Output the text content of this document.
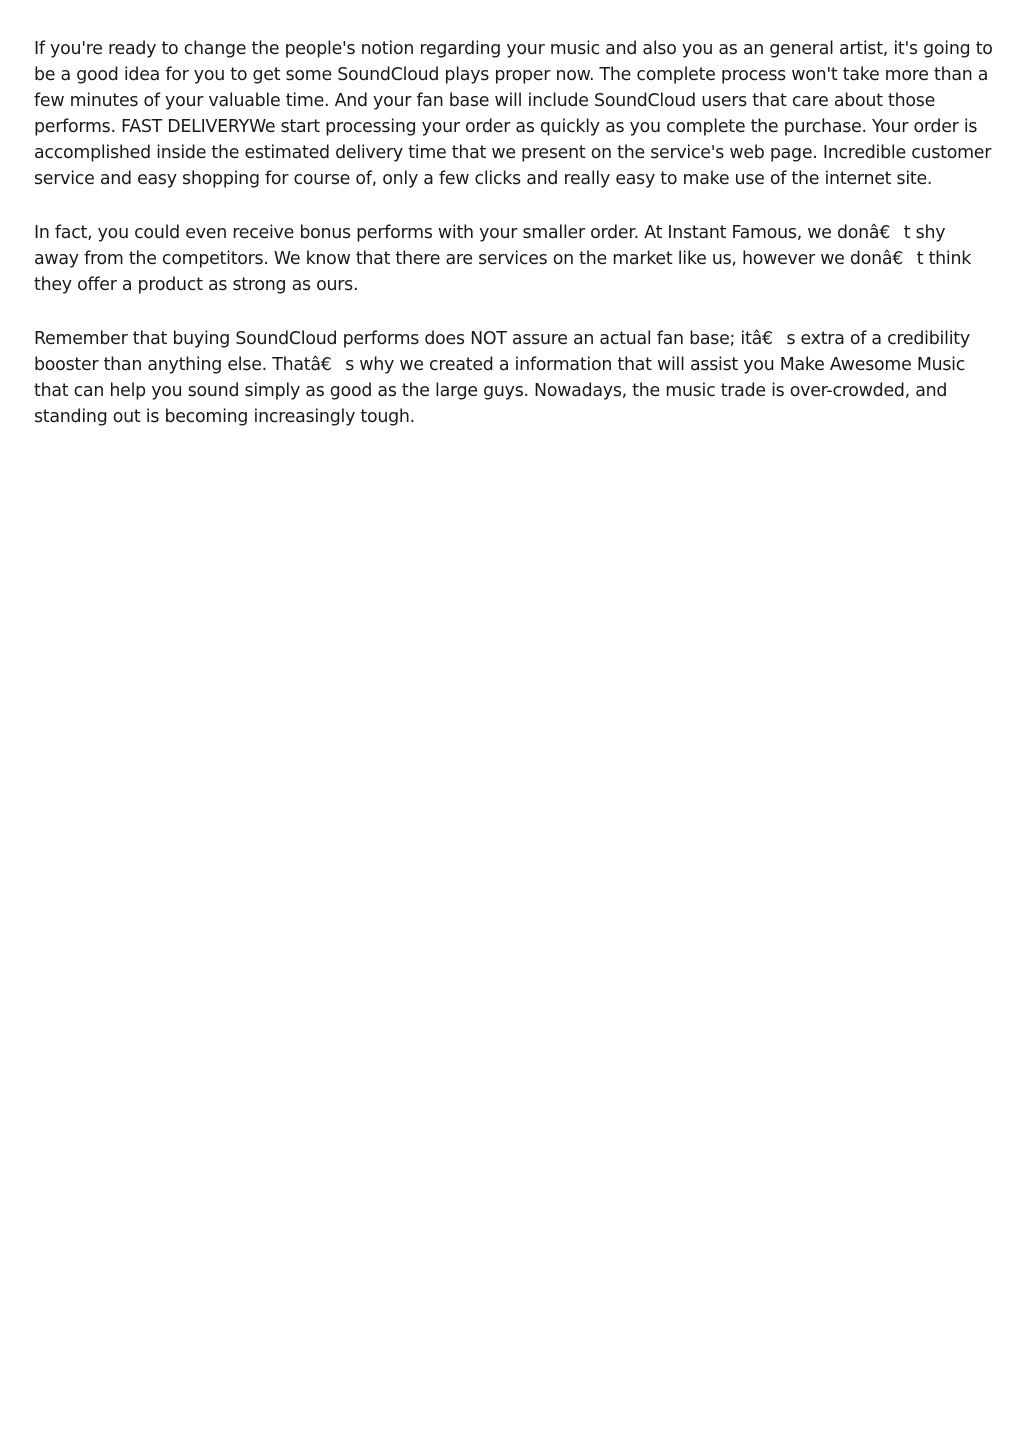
If you're ready to change the people's notion regarding your music and also you as an general artist, it's going to be a good idea for you to get some SoundCloud plays proper now. The complete process won't take more than a few minutes of your valuable time. And your fan base will include SoundCloud users that care about those performs. FAST DELIVERYWe start processing your order as quickly as you complete the purchase. Your order is accomplished inside the estimated delivery time that we present on the service's web page. Incredible customer service and easy shopping for course of, only a few clicks and really easy to make use of the internet site.

In fact, you could even receive bonus performs with your smaller order. At Instant Famous, we donâ€t shy away from the competitors. We know that there are services on the market like us, however we donâ€t think they offer a product as strong as ours.

Remember that buying SoundCloud performs does NOT assure an actual fan base; itâ€s extra of a credibility booster than anything else. Thatâ€s why we created a information that will assist you Make Awesome Music that can help you sound simply as good as the large guys. Nowadays, the music trade is over-crowded, and standing out is becoming increasingly tough.
